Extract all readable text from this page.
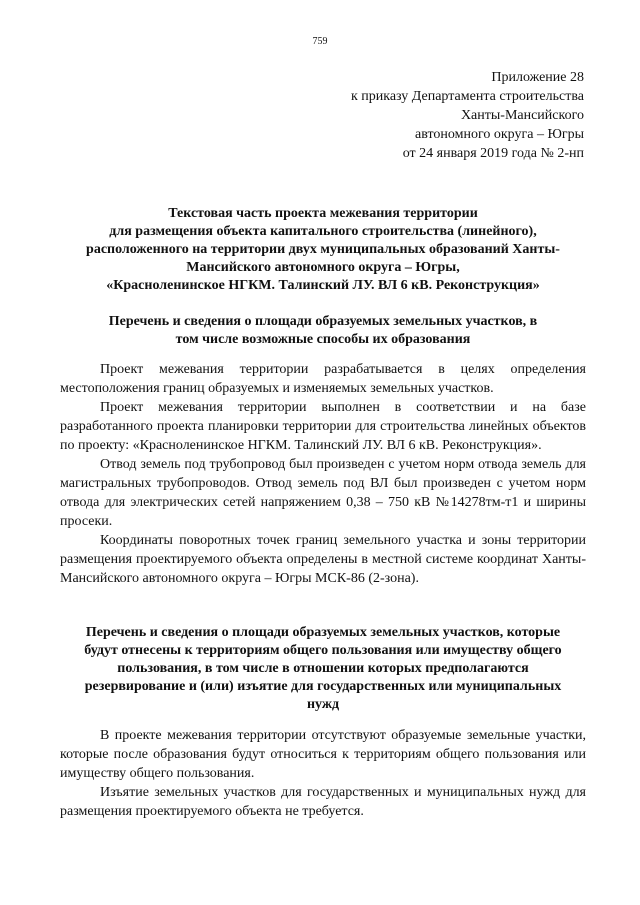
759
Приложение 28
к приказу Департамента строительства
Ханты-Мансийского
автономного округа – Югры
от 24 января 2019 года № 2-нп
Текстовая часть проекта межевания территории
для размещения объекта капитального строительства (линейного),
расположенного на территории двух муниципальных образований Ханты-
Мансийского автономного округа – Югры,
«Красноленинское НГКМ. Талинский ЛУ. ВЛ 6 кВ. Реконструкция»
Перечень и сведения о площади образуемых земельных участков, в
том числе возможные способы их образования

Проект межевания территории разрабатывается в целях определения местоположения границ образуемых и изменяемых земельных участков.

Проект межевания территории выполнен в соответствии и на базе разработанного проекта планировки территории для строительства линейных объектов по проекту: «Красноленинское НГКМ. Талинский ЛУ. ВЛ 6 кВ. Реконструкция».

Отвод земель под трубопровод был произведен с учетом норм отвода земель для магистральных трубопроводов. Отвод земель под ВЛ был произведен с учетом норм отвода для электрических сетей напряжением 0,38 – 750 кВ №14278тм-т1 и ширины просеки.

Координаты поворотных точек границ земельного участка и зоны территории размещения проектируемого объекта определены в местной системе координат Ханты-Мансийского автономного округа – Югры МСК-86 (2-зона).

Перечень и сведения о площади образуемых земельных участков, которые
будут отнесены к территориям общего пользования или имуществу общего
пользования, в том числе в отношении которых предполагаются
резервирование и (или) изъятие для государственных или муниципальных
нужд

В проекте межевания территории отсутствуют образуемые земельные участки, которые после образования будут относиться к территориям общего пользования или имуществу общего пользования.

Изъятие земельных участков для государственных и муниципальных нужд для размещения проектируемого объекта не требуется.
